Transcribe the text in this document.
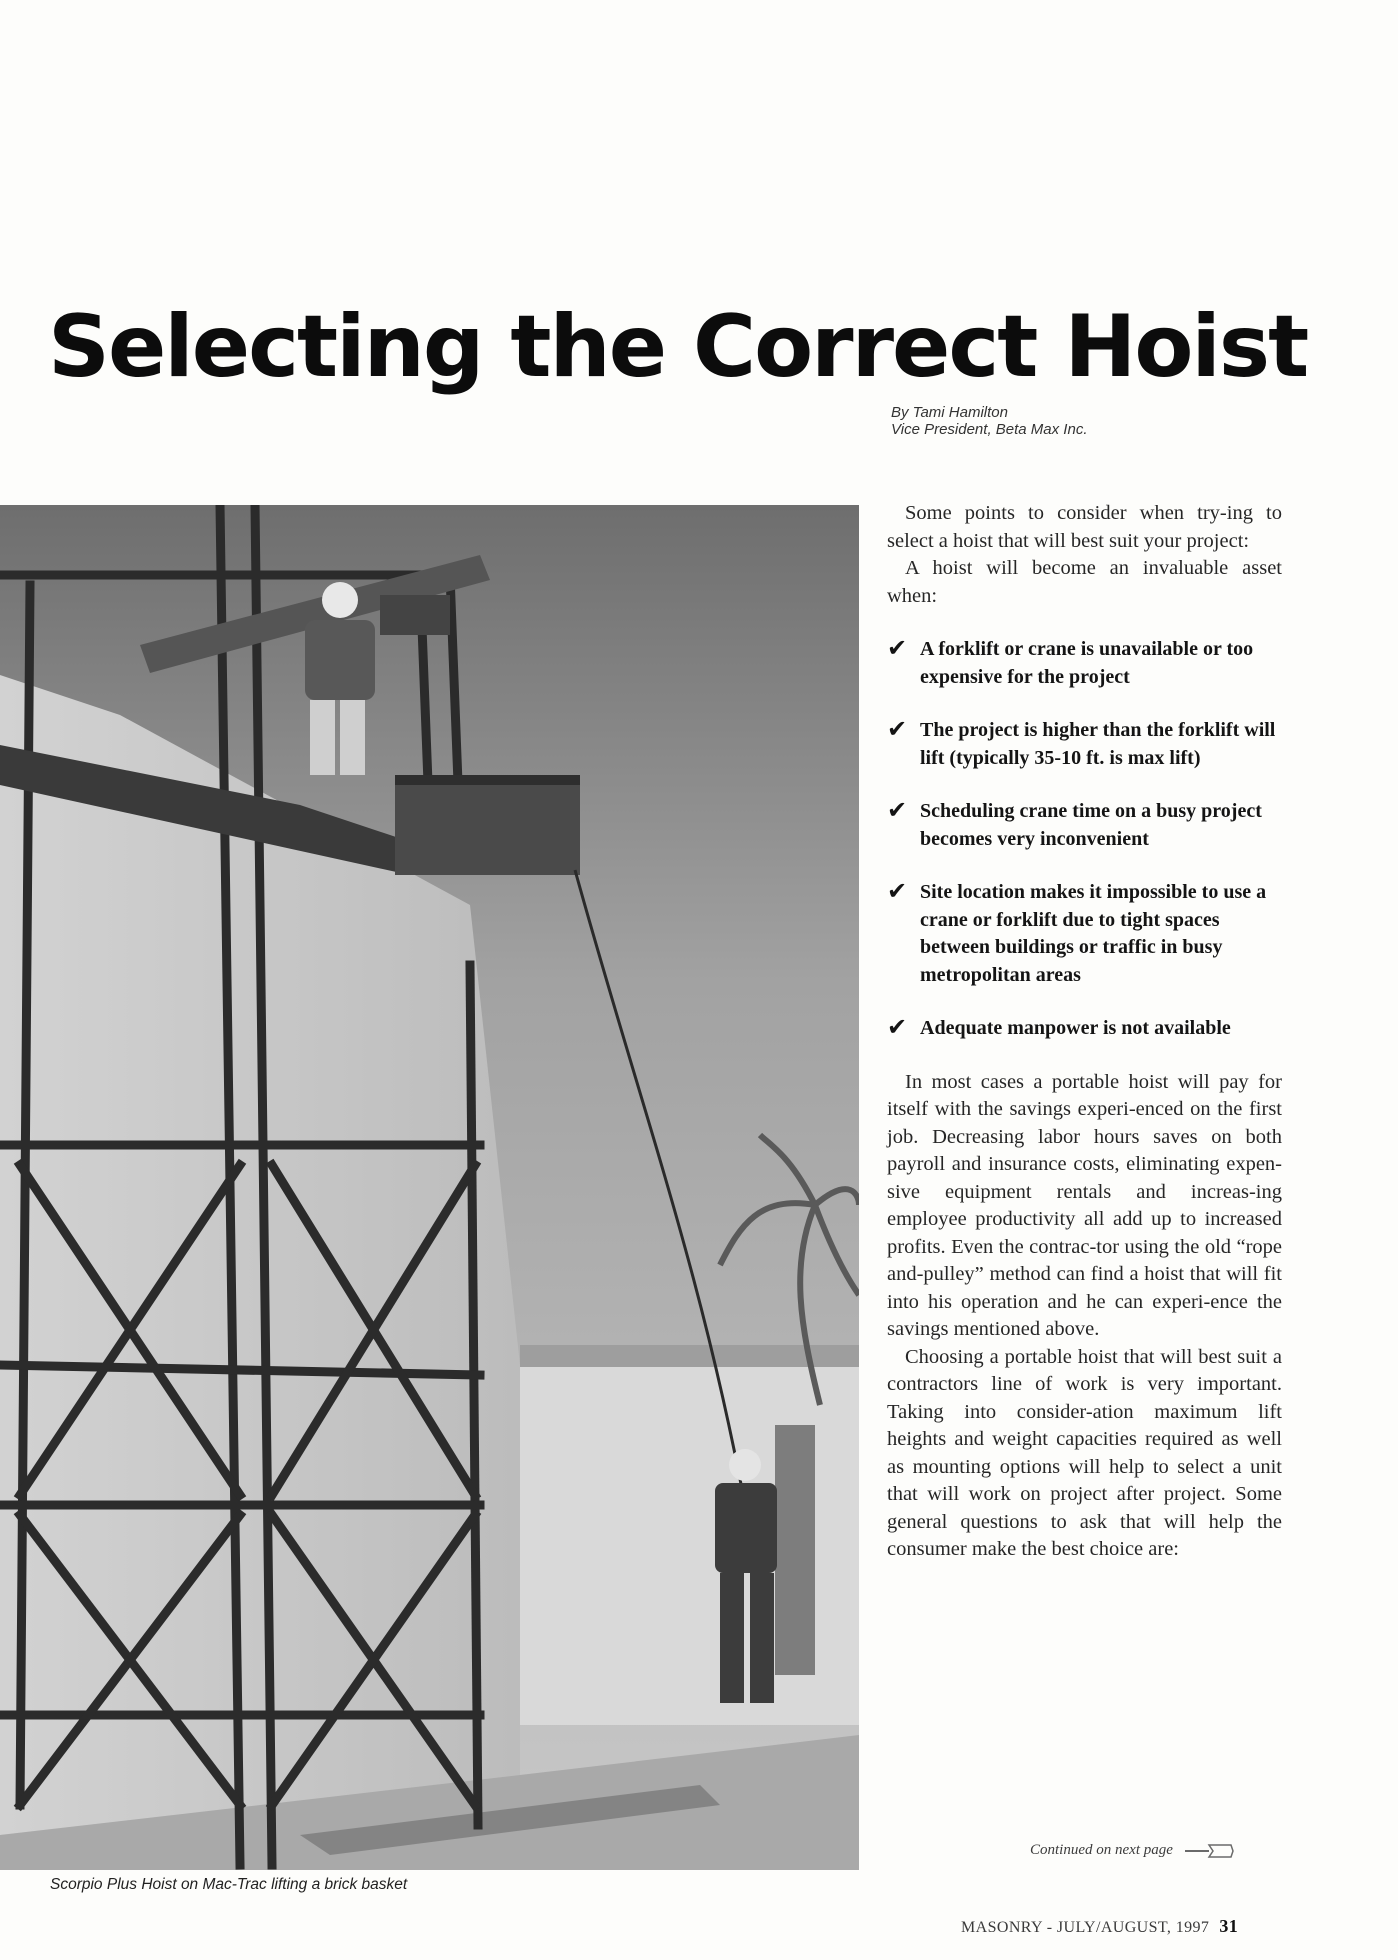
Selecting the Correct Hoist
By Tami Hamilton
Vice President, Beta Max Inc.
Scorpio Plus Hoist on Mac-Trac lifting a brick basket

Some points to consider when try-ing to select a hoist that will best suit your project:

A hoist will become an invaluable asset when:

✔ A forklift or crane is unavailable or too expensive for the project
✔ The project is higher than the forklift will lift (typically 35-10 ft. is max lift)
✔ Scheduling crane time on a busy project becomes very inconvenient
✔ Site location makes it impossible to use a crane or forklift due to tight spaces between buildings or traffic in busy metropolitan areas
✔ Adequate manpower is not available

In most cases a portable hoist will pay for itself with the savings experi-enced on the first job. Decreasing labor hours saves on both payroll and insurance costs, eliminating expen-sive equipment rentals and increas-ing employee productivity all add up to increased profits. Even the contrac-tor using the old “rope and-pulley” method can find a hoist that will fit into his operation and he can experi-ence the savings mentioned above.

Choosing a portable hoist that will best suit a contractors line of work is very important. Taking into consider-ation maximum lift heights and weight capacities required as well as mounting options will help to select a unit that will work on project after project. Some general questions to ask that will help the consumer make the best choice are:

Continued on next page
MASONRY - JULY/AUGUST, 1997 31
